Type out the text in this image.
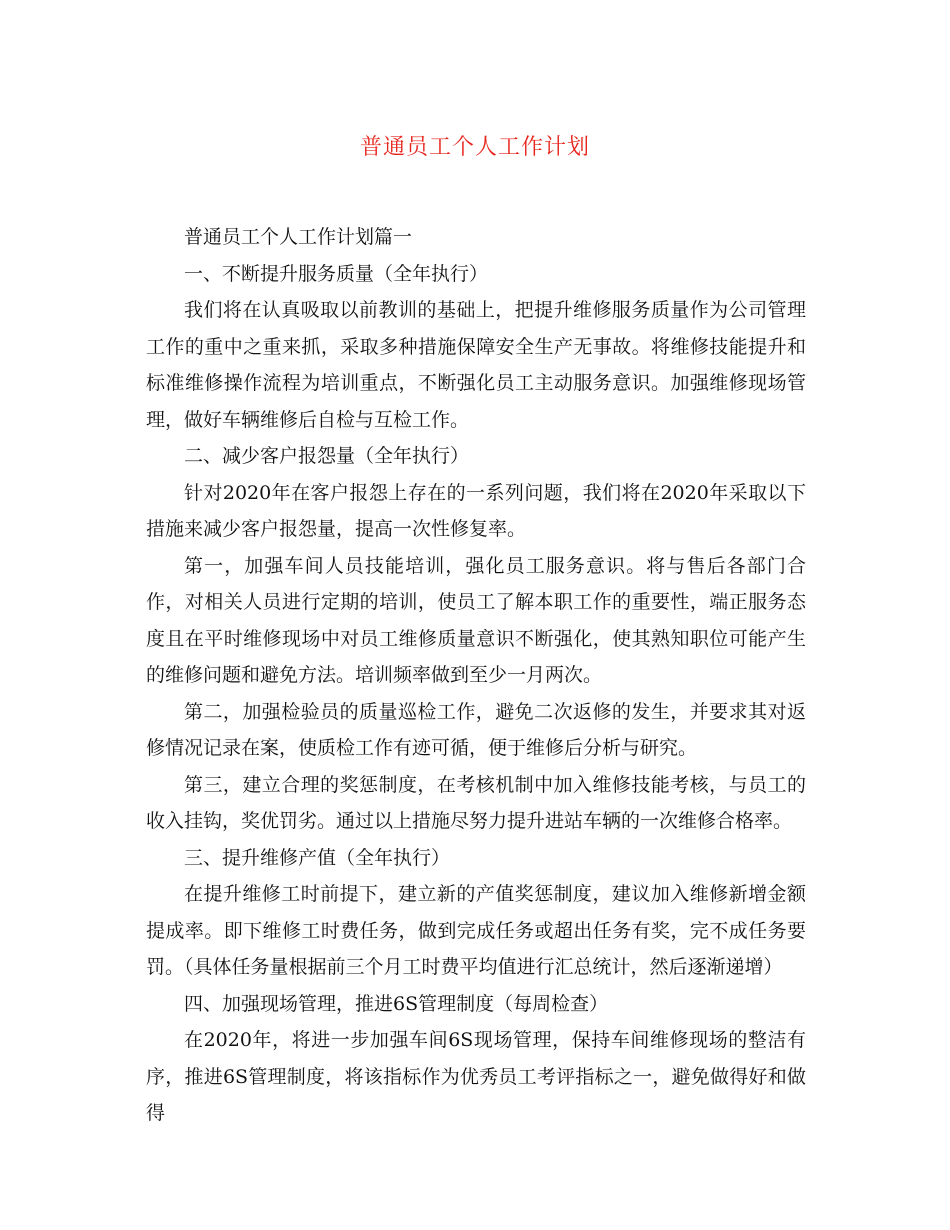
普通员工个人工作计划

普通员工个人工作计划篇一

一、不断提升服务质量（全年执行）

我们将在认真吸取以前教训的基础上，把提升维修服务质量作为公司管理工作的重中之重来抓，采取多种措施保障安全生产无事故。将维修技能提升和标准维修操作流程为培训重点，不断强化员工主动服务意识。加强维修现场管理，做好车辆维修后自检与互检工作。

二、减少客户报怨量（全年执行）

针对2020年在客户报怨上存在的一系列问题，我们将在2020年采取以下措施来减少客户报怨量，提高一次性修复率。

第一，加强车间人员技能培训，强化员工服务意识。将与售后各部门合作，对相关人员进行定期的培训，使员工了解本职工作的重要性，端正服务态度且在平时维修现场中对员工维修质量意识不断强化，使其熟知职位可能产生的维修问题和避免方法。培训频率做到至少一月两次。

第二，加强检验员的质量巡检工作，避免二次返修的发生，并要求其对返修情况记录在案，使质检工作有迹可循，便于维修后分析与研究。

第三，建立合理的奖惩制度，在考核机制中加入维修技能考核，与员工的收入挂钩，奖优罚劣。通过以上措施尽努力提升进站车辆的一次维修合格率。

三、提升维修产值（全年执行）

在提升维修工时前提下，建立新的产值奖惩制度，建议加入维修新增金额提成率。即下维修工时费任务，做到完成任务或超出任务有奖，完不成任务要罚。（具体任务量根据前三个月工时费平均值进行汇总统计，然后逐渐递增）

四、加强现场管理，推进6S管理制度（每周检查）

在2020年，将进一步加强车间6S现场管理，保持车间维修现场的整洁有序，推进6S管理制度，将该指标作为优秀员工考评指标之一，避免做得好和做得
